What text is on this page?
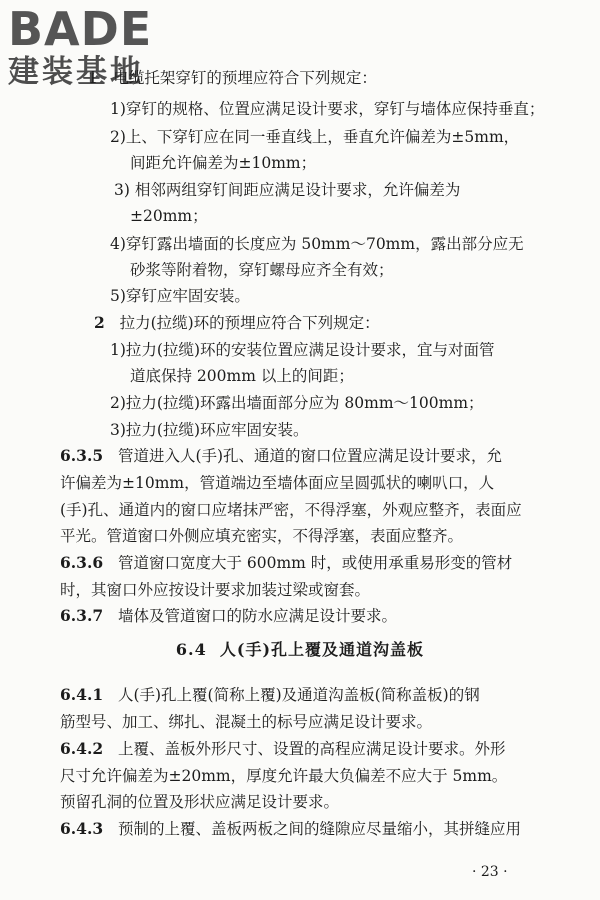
BADE
建装基地
1　电缆托架穿钉的预埋应符合下列规定：
1)穿钉的规格、位置应满足设计要求，穿钉与墙体应保持垂直；
2)上、下穿钉应在同一垂直线上，垂直允许偏差为±5mm，
间距允许偏差为±10mm；
3) 相邻两组穿钉间距应满足设计要求，允许偏差为
±20mm；
4)穿钉露出墙面的长度应为 50mm～70mm，露出部分应无
砂浆等附着物，穿钉螺母应齐全有效；
5)穿钉应牢固安装。
2 拉力(拉缆)环的预埋应符合下列规定：
1)拉力(拉缆)环的安装位置应满足设计要求，宜与对面管
道底保持 200mm 以上的间距；
2)拉力(拉缆)环露出墙面部分应为 80mm～100mm；
3)拉力(拉缆)环应牢固安装。
6.3.5 管道进入人(手)孔、通道的窗口位置应满足设计要求，允
许偏差为±10mm，管道端边至墙体面应呈圆弧状的喇叭口，人
(手)孔、通道内的窗口应堵抹严密，不得浮塞，外观应整齐，表面应
平光。管道窗口外侧应填充密实，不得浮塞，表面应整齐。
6.3.6 管道窗口宽度大于 600mm 时，或使用承重易形变的管材
时，其窗口外应按设计要求加装过梁或窗套。
6.3.7 墙体及管道窗口的防水应满足设计要求。
6.4 人(手)孔上覆及通道沟盖板
6.4.1 人(手)孔上覆(简称上覆)及通道沟盖板(简称盖板)的钢
筋型号、加工、绑扎、混凝土的标号应满足设计要求。
6.4.2 上覆、盖板外形尺寸、设置的高程应满足设计要求。外形
尺寸允许偏差为±20mm，厚度允许最大负偏差不应大于 5mm。
预留孔洞的位置及形状应满足设计要求。
6.4.3 预制的上覆、盖板两板之间的缝隙应尽量缩小，其拼缝应用
· 23 ·
